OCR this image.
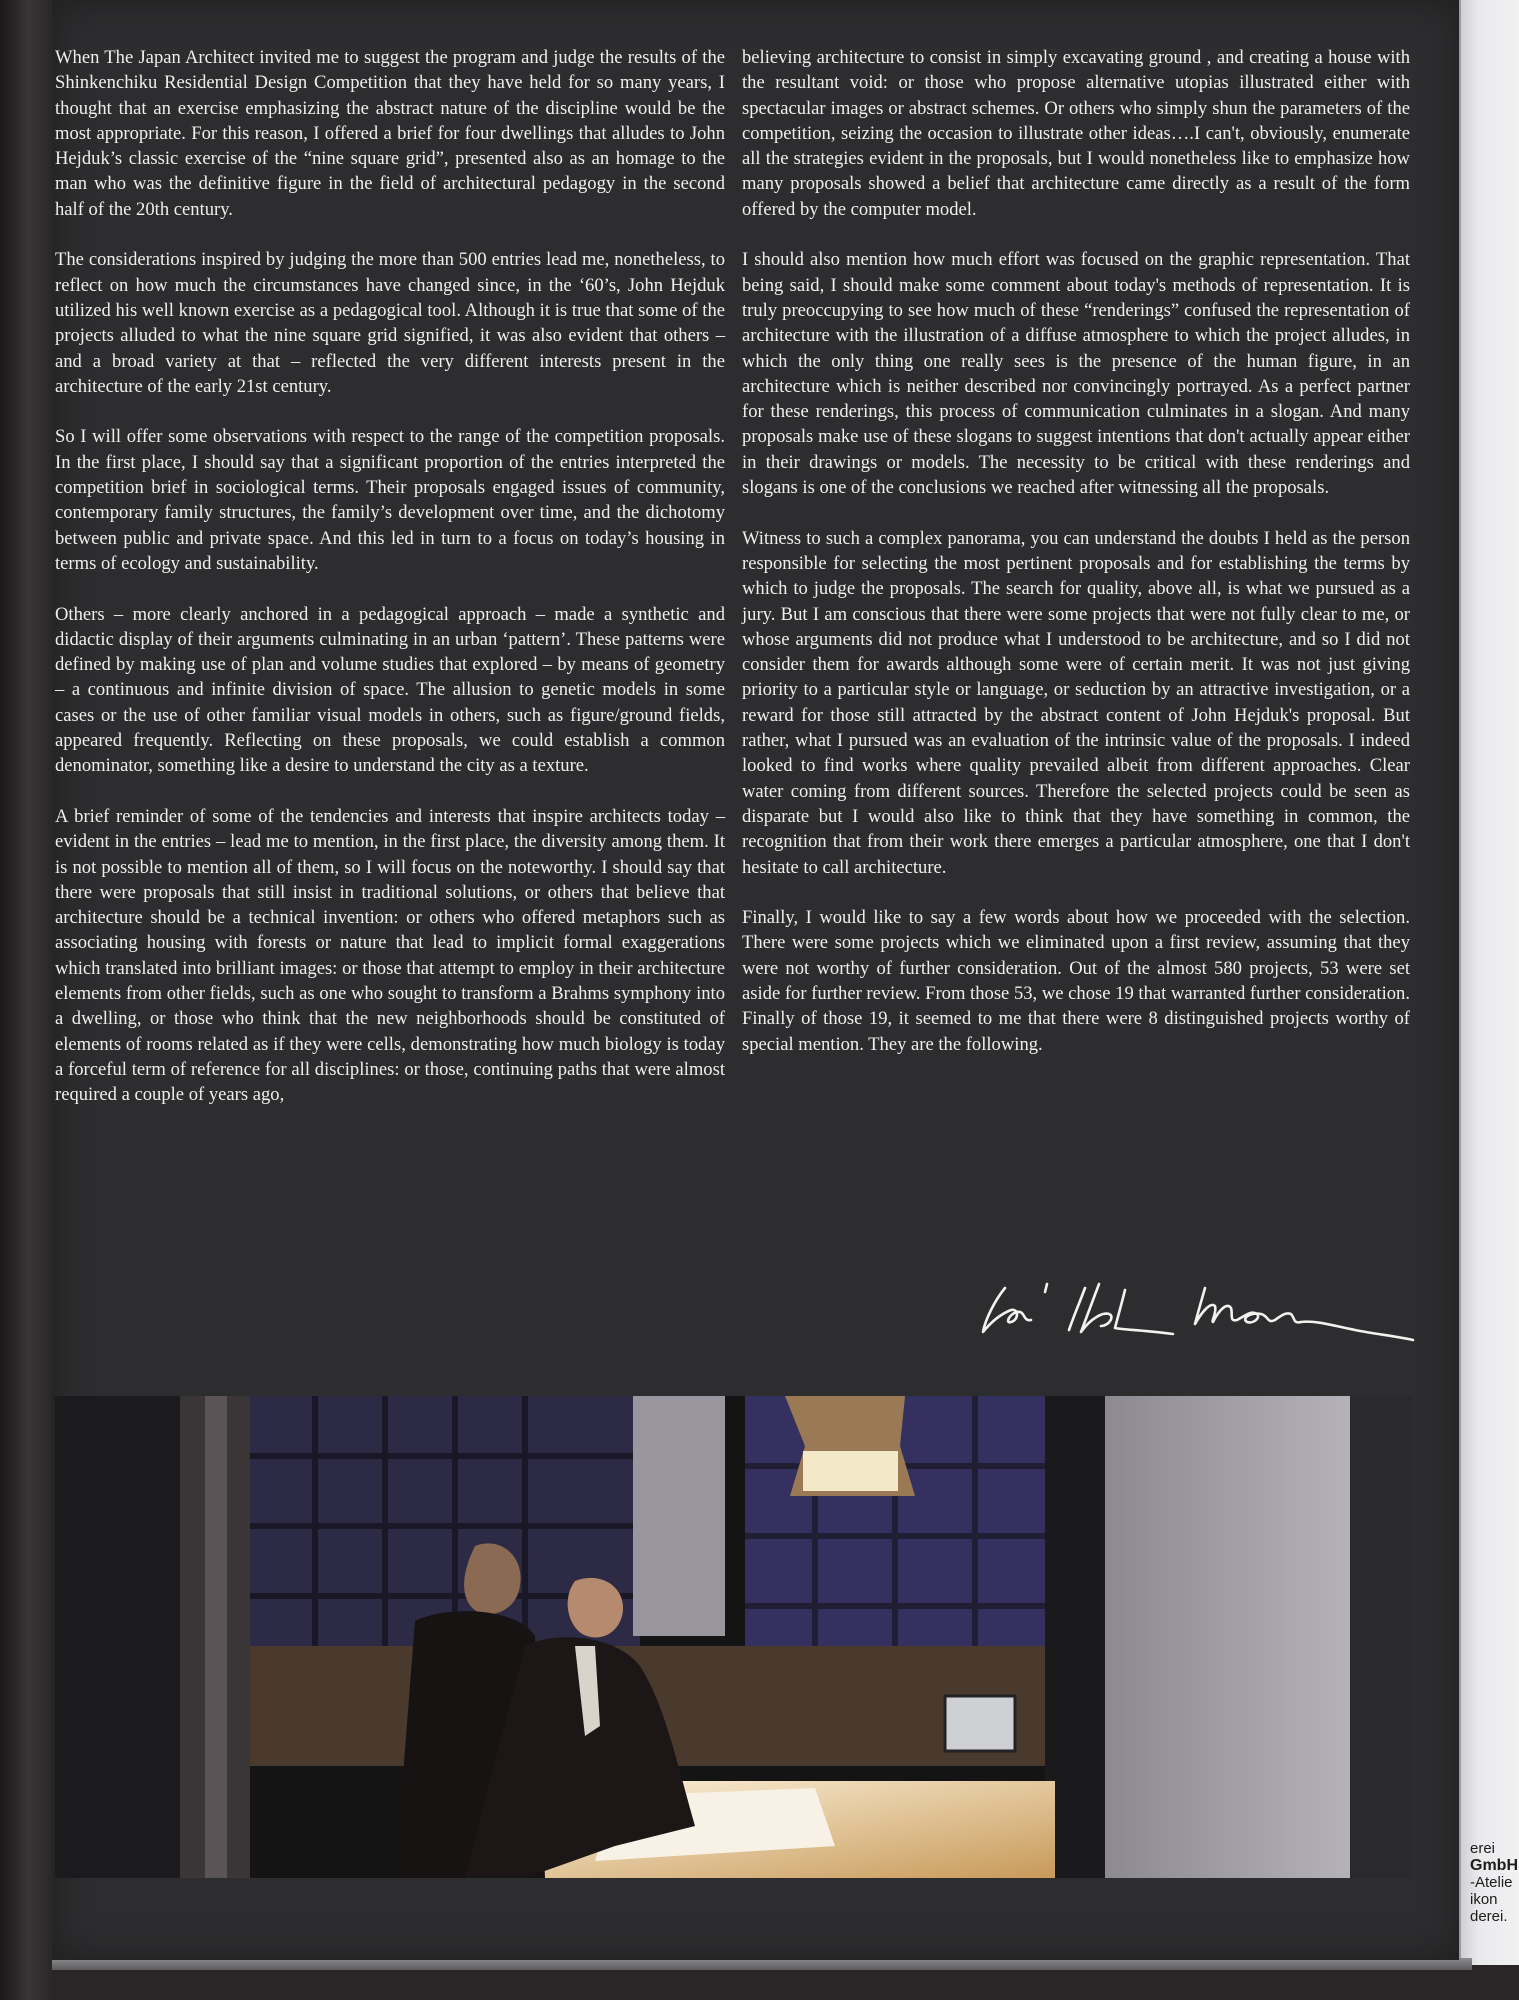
When The Japan Architect invited me to suggest the program and judge the results of the Shinkenchiku Residential Design Competition that they have held for so many years, I thought that an exercise emphasizing the abstract nature of the discipline would be the most appropriate. For this reason, I offered a brief for four dwellings that alludes to John Hejduk’s classic exercise of the “nine square grid”, presented also as an homage to the man who was the definitive figure in the field of architectural pedagogy in the second half of the 20th century.

The considerations inspired by judging the more than 500 entries lead me, nonetheless, to reflect on how much the circumstances have changed since, in the ‘60’s, John Hejduk utilized his well known exercise as a pedagogical tool. Although it is true that some of the projects alluded to what the nine square grid signified, it was also evident that others –and a broad variety at that – reflected the very different interests present in the architecture of the early 21st century.

So I will offer some observations with respect to the range of the competition proposals. In the first place, I should say that a significant proportion of the entries interpreted the competition brief in sociological terms. Their proposals engaged issues of community, contemporary family structures, the family’s development over time, and the dichotomy between public and private space. And this led in turn to a focus on today’s housing in terms of ecology and sustainability.

Others – more clearly anchored in a pedagogical approach – made a synthetic and didactic display of their arguments culminating in an urban ‘pattern’. These patterns were defined by making use of plan and volume studies that explored – by means of geometry – a continuous and infinite division of space. The allusion to genetic models in some cases or the use of other familiar visual models in others, such as figure/ground fields, appeared frequently. Reflecting on these proposals, we could establish a common denominator, something like a desire to understand the city as a texture.

A brief reminder of some of the tendencies and interests that inspire architects today – evident in the entries – lead me to mention, in the first place, the diversity among them. It is not possible to mention all of them, so I will focus on the noteworthy. I should say that there were proposals that still insist in traditional solutions, or others that believe that architecture should be a technical invention: or others who offered metaphors such as associating housing with forests or nature that lead to implicit formal exaggerations which translated into brilliant images: or those that attempt to employ in their architecture elements from other fields, such as one who sought to transform a Brahms symphony into a dwelling, or those who think that the new neighborhoods should be constituted of elements of rooms related as if they were cells, demonstrating how much biology is today a forceful term of reference for all disciplines: or those, continuing paths that were almost required a couple of years ago,

believing architecture to consist in simply excavating ground , and creating a house with the resultant void: or those who propose alternative utopias illustrated either with spectacular images or abstract schemes. Or others who simply shun the parameters of the competition, seizing the occasion to illustrate other ideas….I can't, obviously, enumerate all the strategies evident in the proposals, but I would nonetheless like to emphasize how many proposals showed a belief that architecture came directly as a result of the form offered by the computer model.

I should also mention how much effort was focused on the graphic representation. That being said, I should make some comment about today's methods of representation. It is truly preoccupying to see how much of these “renderings” confused the representation of architecture with the illustration of a diffuse atmosphere to which the project alludes, in which the only thing one really sees is the presence of the human figure, in an architecture which is neither described nor convincingly portrayed. As a perfect partner for these renderings, this process of communication culminates in a slogan. And many proposals make use of these slogans to suggest intentions that don't actually appear either in their drawings or models. The necessity to be critical with these renderings and slogans is one of the conclusions we reached after witnessing all the proposals.

Witness to such a complex panorama, you can understand the doubts I held as the person responsible for selecting the most pertinent proposals and for establishing the terms by which to judge the proposals. The search for quality, above all, is what we pursued as a jury. But I am conscious that there were some projects that were not fully clear to me, or whose arguments did not produce what I understood to be architecture, and so I did not consider them for awards although some were of certain merit. It was not just giving priority to a particular style or language, or seduction by an attractive investigation, or a reward for those still attracted by the abstract content of John Hejduk's proposal. But rather, what I pursued was an evaluation of the intrinsic value of the proposals. I indeed looked to find works where quality prevailed albeit from different approaches. Clear water coming from different sources. Therefore the selected projects could be seen as disparate but I would also like to think that they have something in common, the recognition that from their work there emerges a particular atmosphere, one that I don't hesitate to call architecture.

Finally, I would like to say a few words about how we proceeded with the selection. There were some projects which we eliminated upon a first review, assuming that they were not worthy of further consideration. Out of the almost 580 projects, 53 were set aside for further review. From those 53, we chose 19 that warranted further consideration. Finally of those 19, it seemed to me that there were 8 distinguished projects worthy of special mention. They are the following.

erei
GmbH
-Atelie
ikon
derei.
